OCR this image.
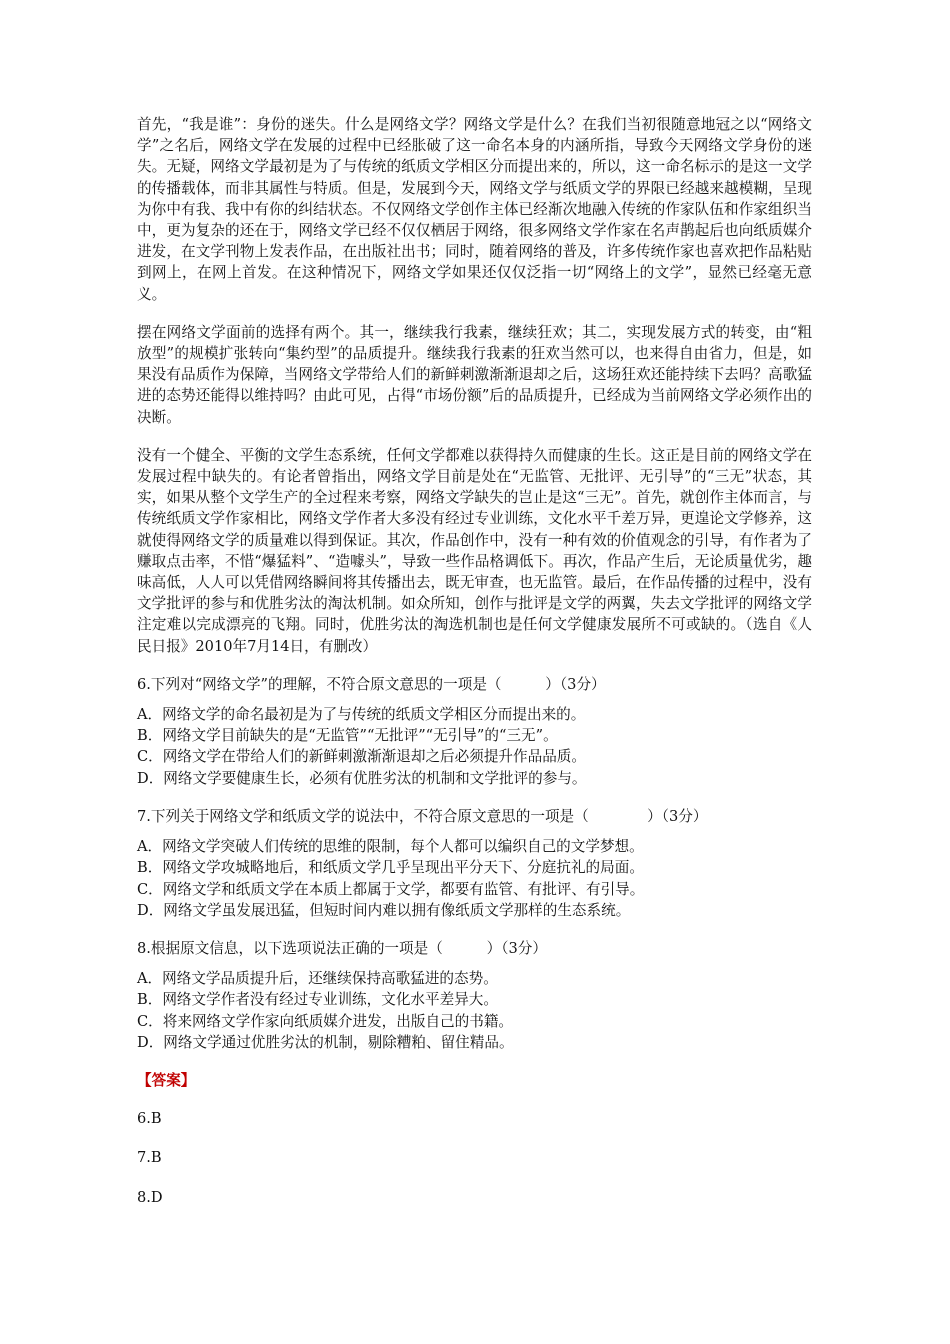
首先，“我是谁”：身份的迷失。什么是网络文学？网络文学是什么？在我们当初很随意地冠之以“网络文学”之名后，网络文学在发展的过程中已经胀破了这一命名本身的内涵所指，导致今天网络文学身份的迷失。无疑，网络文学最初是为了与传统的纸质文学相区分而提出来的，所以，这一命名标示的是这一文学的传播载体，而非其属性与特质。但是，发展到今天，网络文学与纸质文学的界限已经越来越模糊，呈现为你中有我、我中有你的纠结状态。不仅网络文学创作主体已经渐次地融入传统的作家队伍和作家组织当中，更为复杂的还在于，网络文学已经不仅仅栖居于网络，很多网络文学作家在名声鹊起后也向纸质媒介进发，在文学刊物上发表作品，在出版社出书；同时，随着网络的普及，许多传统作家也喜欢把作品粘贴到网上，在网上首发。在这种情况下，网络文学如果还仅仅泛指一切“网络上的文学”，显然已经毫无意义。

摆在网络文学面前的选择有两个。其一，继续我行我素，继续狂欢；其二，实现发展方式的转变，由“粗放型”的规模扩张转向“集约型”的品质提升。继续我行我素的狂欢当然可以，也来得自由省力，但是，如果没有品质作为保障，当网络文学带给人们的新鲜刺激渐渐退却之后，这场狂欢还能持续下去吗？高歌猛进的态势还能得以维持吗？由此可见，占得“市场份额”后的品质提升，已经成为当前网络文学必须作出的决断。

没有一个健全、平衡的文学生态系统，任何文学都难以获得持久而健康的生长。这正是目前的网络文学在发展过程中缺失的。有论者曾指出，网络文学目前是处在“无监管、无批评、无引导”的“三无”状态，其实，如果从整个文学生产的全过程来考察，网络文学缺失的岂止是这“三无”。首先，就创作主体而言，与传统纸质文学作家相比，网络文学作者大多没有经过专业训练，文化水平千差万异，更遑论文学修养，这就使得网络文学的质量难以得到保证。其次，作品创作中，没有一种有效的价值观念的引导，有作者为了赚取点击率，不惜“爆猛料”、“造噱头”，导致一些作品格调低下。再次，作品产生后，无论质量优劣，趣味高低，人人可以凭借网络瞬间将其传播出去，既无审查，也无监管。最后，在作品传播的过程中，没有文学批评的参与和优胜劣汰的淘汰机制。如众所知，创作与批评是文学的两翼，失去文学批评的网络文学注定难以完成漂亮的飞翔。同时，优胜劣汰的淘选机制也是任何文学健康发展所不可或缺的。（选自《人民日报》2010年7月14日，有删改）

6.下列对“网络文学”的理解，不符合原文意思的一项是（　　　）（3分）

A．网络文学的命名最初是为了与传统的纸质文学相区分而提出来的。

B．网络文学目前缺失的是“无监管”“无批评”“无引导”的“三无”。

C．网络文学在带给人们的新鲜刺激渐渐退却之后必须提升作品品质。

D．网络文学要健康生长，必须有优胜劣汰的机制和文学批评的参与。

7.下列关于网络文学和纸质文学的说法中，不符合原文意思的一项是（　　　　）（3分）

A．网络文学突破人们传统的思维的限制，每个人都可以编织自己的文学梦想。

B．网络文学攻城略地后，和纸质文学几乎呈现出平分天下、分庭抗礼的局面。

C．网络文学和纸质文学在本质上都属于文学，都要有监管、有批评、有引导。

D．网络文学虽发展迅猛，但短时间内难以拥有像纸质文学那样的生态系统。

8.根据原文信息，以下选项说法正确的一项是（　　　）（3分）

A．网络文学品质提升后，还继续保持高歌猛进的态势。

B．网络文学作者没有经过专业训练，文化水平差异大。

C．将来网络文学作家向纸质媒介进发，出版自己的书籍。

D．网络文学通过优胜劣汰的机制，剔除糟粕、留住精品。

【答案】

6.B

7.B

8.D
